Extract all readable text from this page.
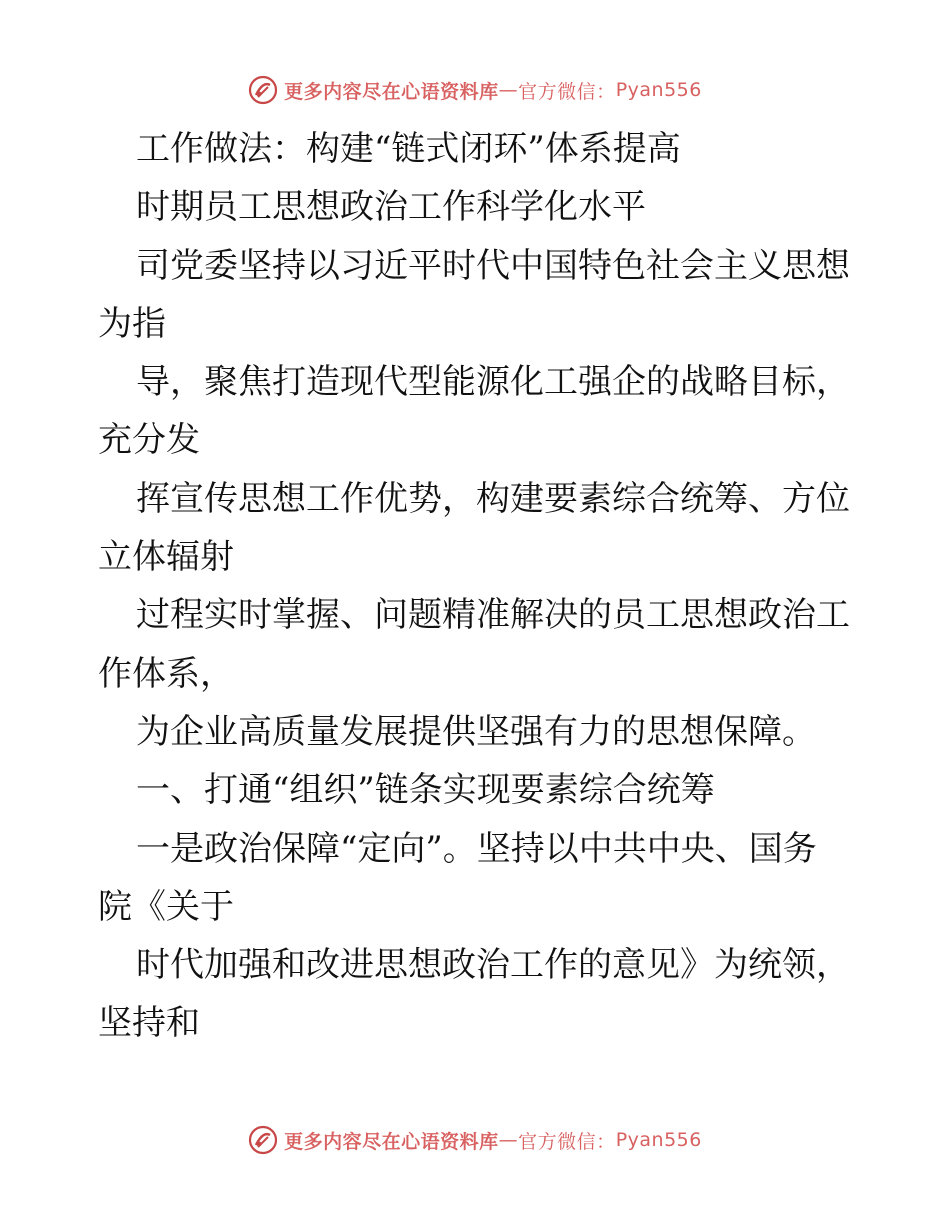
更多内容尽在心语资料库 — 官方微信： Pyan556
工作做法：构建“链式闭环”体系提高
时期员工思想政治工作科学化水平
司党委坚持以习近平时代中国特色社会主义思想
为指
导，聚焦打造现代型能源化工强企的战略目标，
充分发
挥宣传思想工作优势，构建要素综合统筹、方位
立体辐射
过程实时掌握、问题精准解决的员工思想政治工
作体系，
为企业高质量发展提供坚强有力的思想保障。
一、打通“组织”链条实现要素综合统筹
一是政治保障“定向”。坚持以中共中央、国务
院《关于
时代加强和改进思想政治工作的意见》为统领，
坚持和
更多内容尽在心语资料库 — 官方微信： Pyan556
